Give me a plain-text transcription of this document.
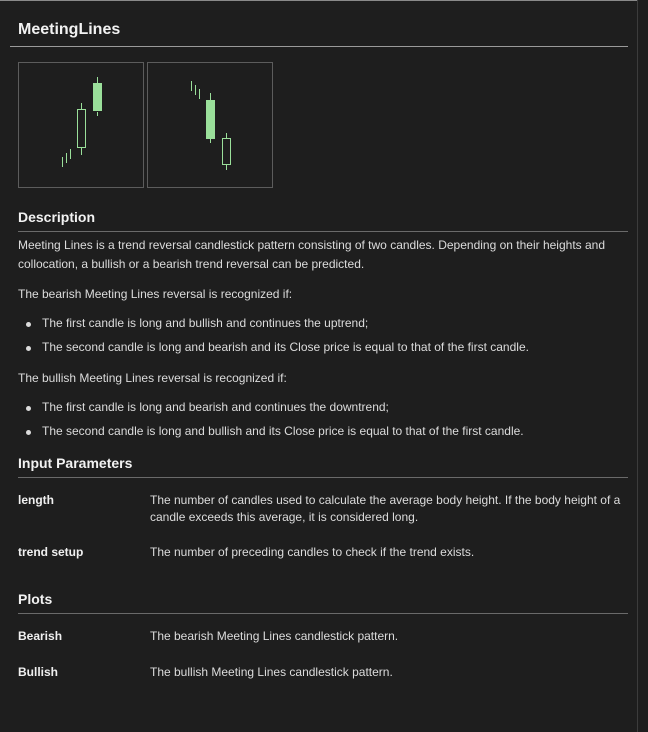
MeetingLines
Description

Meeting Lines is a trend reversal candlestick pattern consisting of two candles. Depending on their heights and collocation, a bullish or a bearish trend reversal can be predicted.

The bearish Meeting Lines reversal is recognized if:

The first candle is long and bullish and continues the uptrend;
The second candle is long and bearish and its Close price is equal to that of the first candle.

The bullish Meeting Lines reversal is recognized if:

The first candle is long and bearish and continues the downtrend;
The second candle is long and bullish and its Close price is equal to that of the first candle.
Input Parameters
length	The number of candles used to calculate the average body height. If the body height of a candle exceeds this average, it is considered long.
trend setup	The number of preceding candles to check if the trend exists.
Plots
Bearish	The bearish Meeting Lines candlestick pattern.
Bullish	The bullish Meeting Lines candlestick pattern.
